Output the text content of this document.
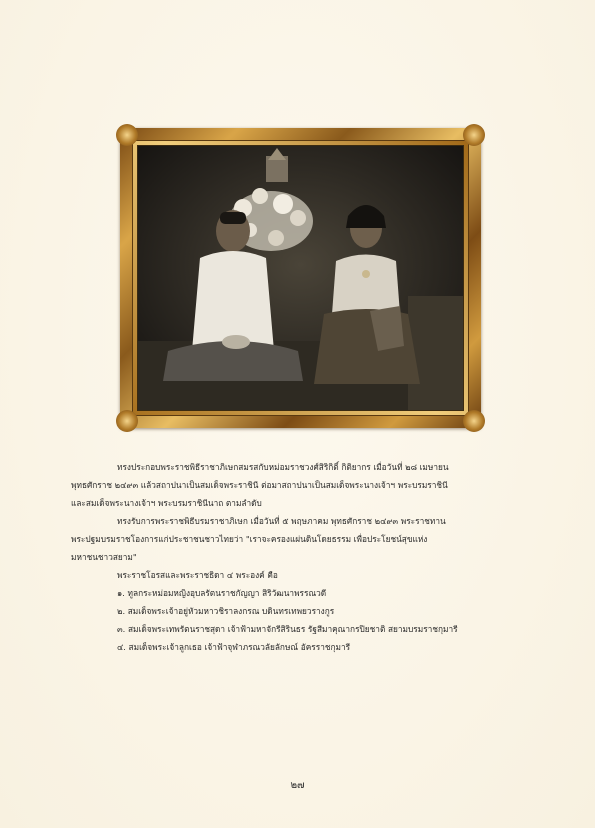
ทรงประกอบพระราชพิธีราชาภิเษกสมรสกับหม่อมราชวงศ์สิริกิติ์ กิติยากร เมื่อวันที่ ๒๘ เมษายน
พุทธศักราช ๒๔๙๓ แล้วสถาปนาเป็นสมเด็จพระราชินี ต่อมาสถาปนาเป็นสมเด็จพระนางเจ้าฯ พระบรมราชินี
และสมเด็จพระนางเจ้าฯ พระบรมราชินีนาถ ตามลำดับ
ทรงรับการพระราชพิธีบรมราชาภิเษก เมื่อวันที่ ๕ พฤษภาคม พุทธศักราช ๒๔๙๓ พระราชทาน
พระปฐมบรมราชโองการแก่ประชาชนชาวไทยว่า "เราจะครองแผ่นดินโดยธรรม เพื่อประโยชน์สุขแห่ง
มหาชนชาวสยาม"
พระราชโอรสและพระราชธิดา ๔ พระองค์ คือ
๑. ทูลกระหม่อมหญิงอุบลรัตนราชกัญญา สิริวัฒนาพรรณวดี
๒. สมเด็จพระเจ้าอยู่หัวมหาวชิราลงกรณ บดินทรเทพยวรางกูร
๓. สมเด็จพระเทพรัตนราชสุดา เจ้าฟ้ามหาจักรีสิรินธร รัฐสีมาคุณากรปิยชาติ สยามบรมราชกุมารี
๔. สมเด็จพระเจ้าลูกเธอ เจ้าฟ้าจุฬาภรณวลัยลักษณ์ อัครราชกุมารี
๒๗
